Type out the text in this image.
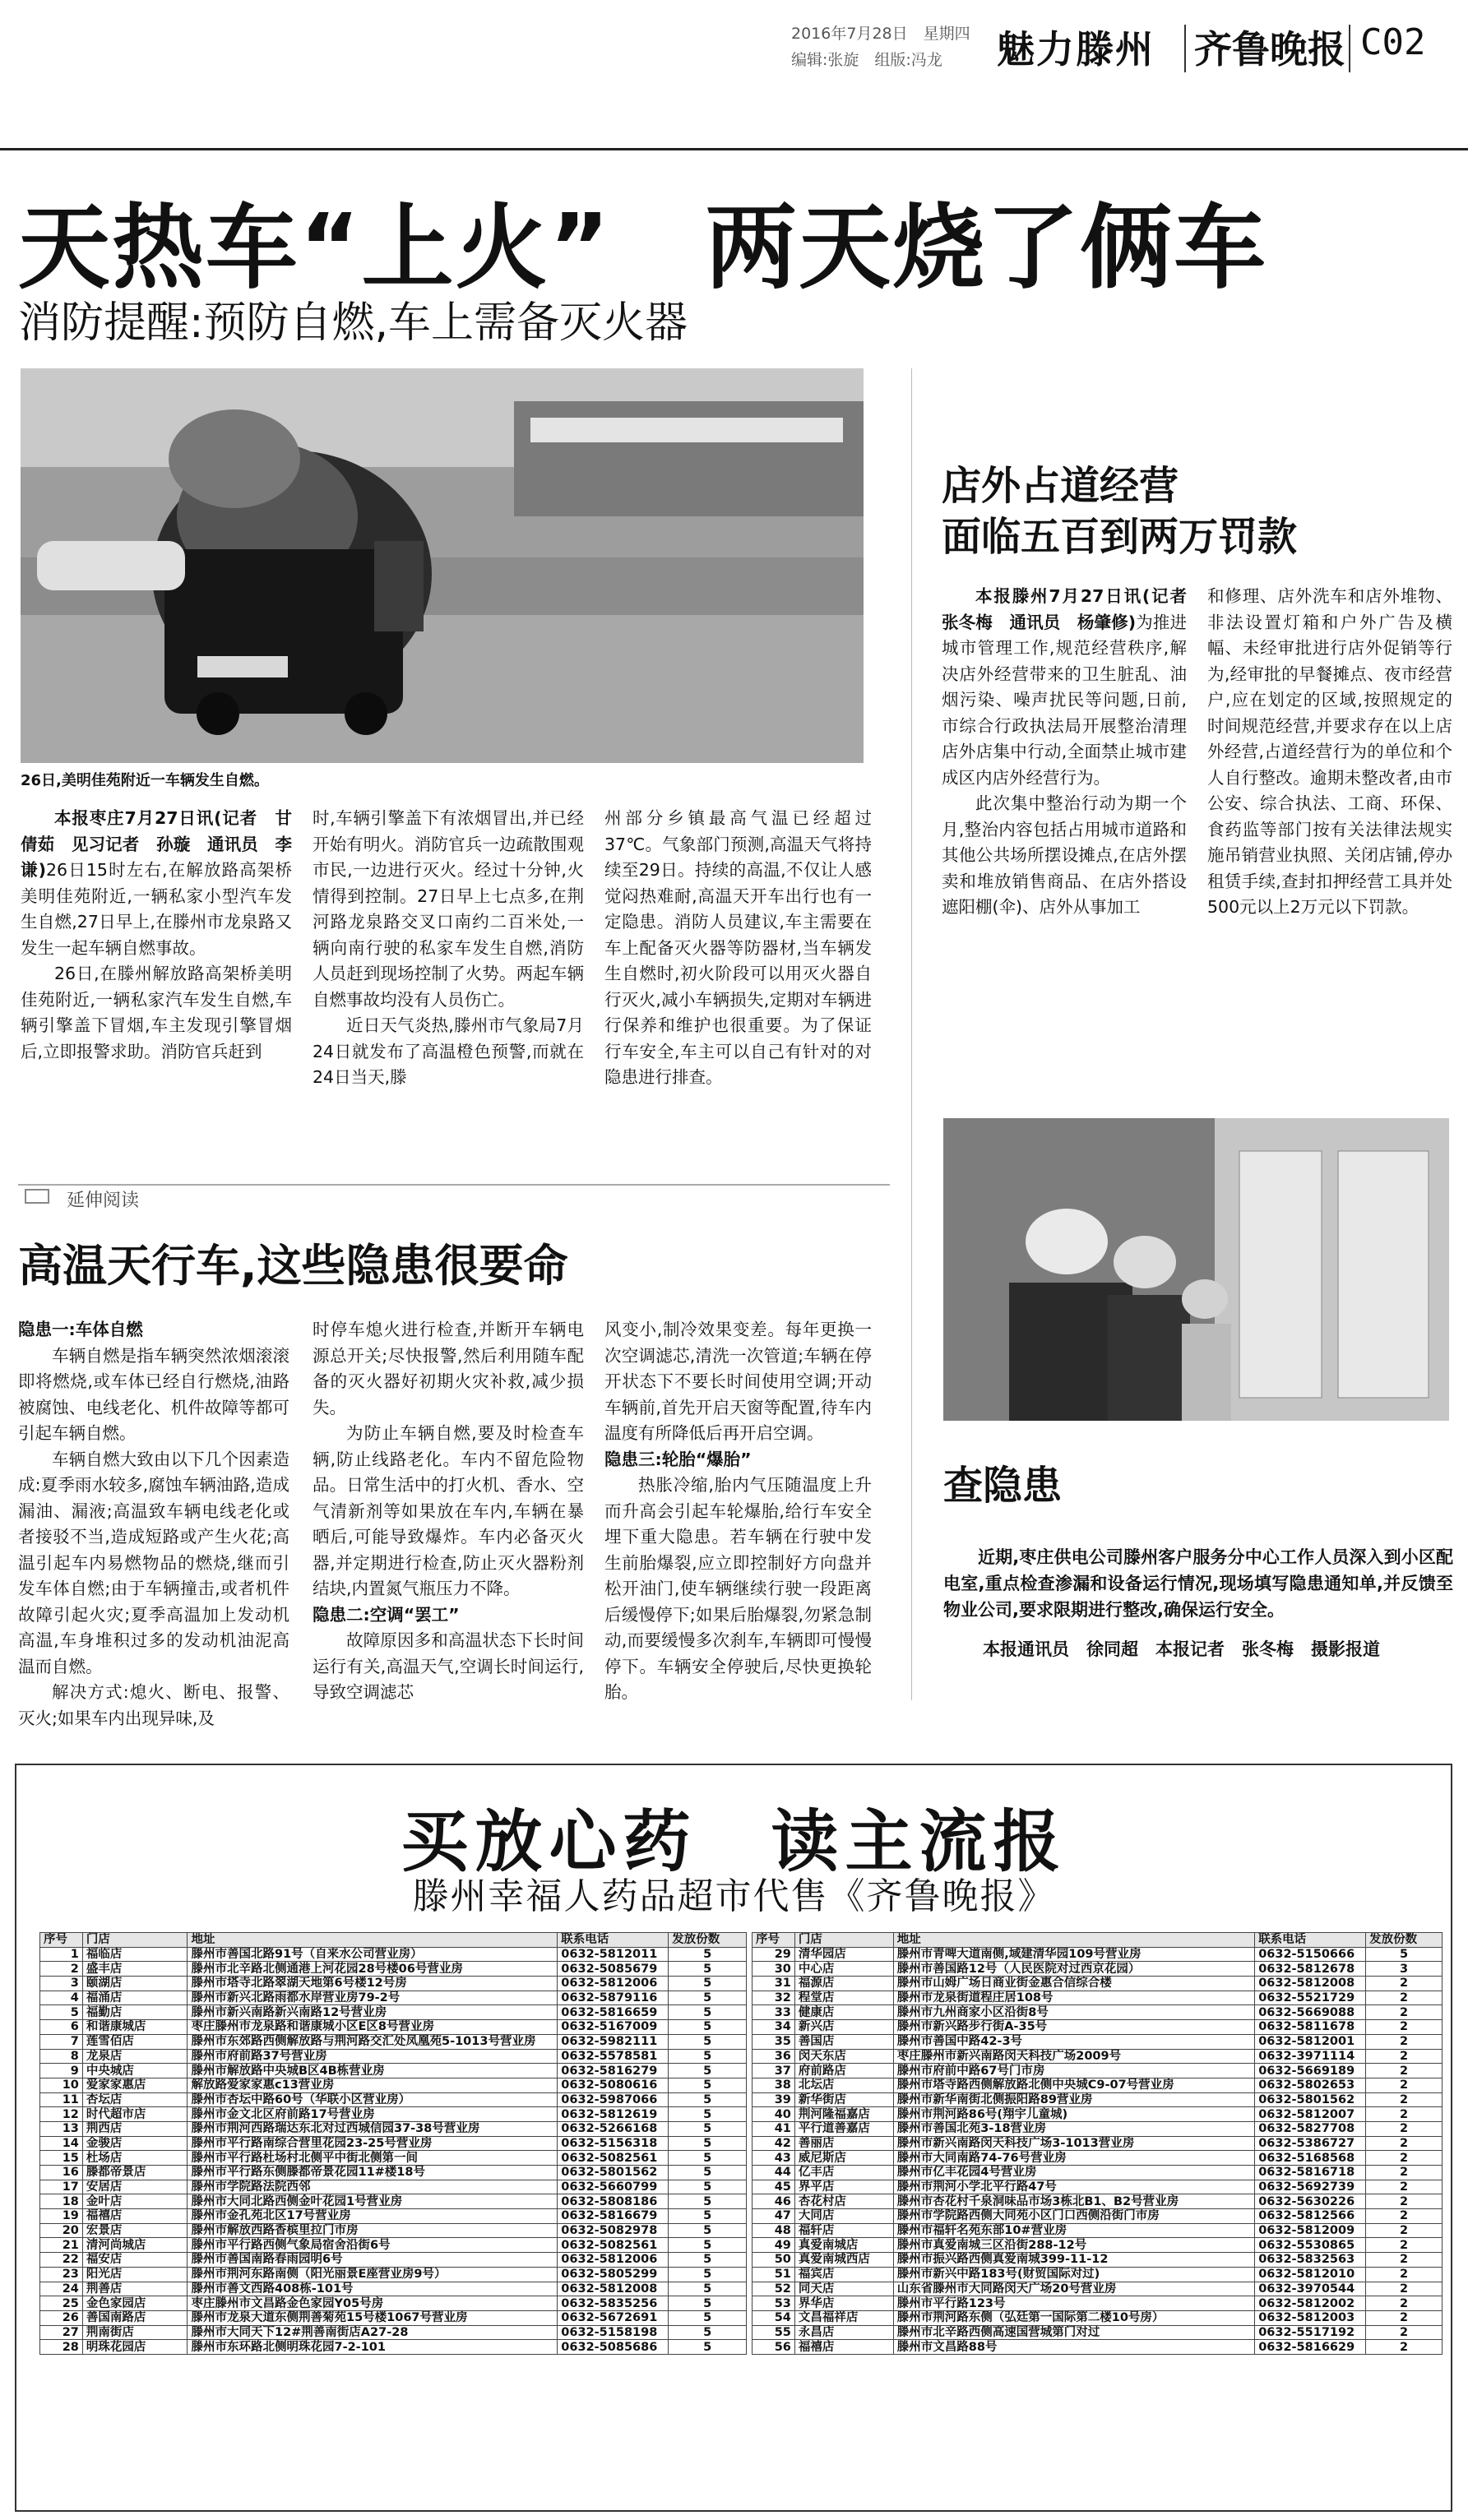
2016年7月28日　星期四
编辑:张旋　组版:冯龙 魅力滕州 齐鲁晚报 C02
天热车“上火”　两天烧了俩车
消防提醒:预防自燃,车上需备灭火器
26日,美明佳苑附近一车辆发生自燃。

本报枣庄7月27日讯(记者　甘倩茹　见习记者　孙璇　通讯员　李谦)26日15时左右,在解放路高架桥美明佳苑附近,一辆私家小型汽车发生自燃,27日早上,在滕州市龙泉路又发生一起车辆自燃事故。

26日,在滕州解放路高架桥美明佳苑附近,一辆私家汽车发生自燃,车辆引擎盖下冒烟,车主发现引擎冒烟后,立即报警求助。消防官兵赶到

时,车辆引擎盖下有浓烟冒出,并已经开始有明火。消防官兵一边疏散围观市民,一边进行灭火。经过十分钟,火情得到控制。27日早上七点多,在荆河路龙泉路交叉口南约二百米处,一辆向南行驶的私家车发生自燃,消防人员赶到现场控制了火势。两起车辆自燃事故均没有人员伤亡。

近日天气炎热,滕州市气象局7月24日就发布了高温橙色预警,而就在24日当天,滕

州部分乡镇最高气温已经超过37℃。气象部门预测,高温天气将持续至29日。持续的高温,不仅让人感觉闷热难耐,高温天开车出行也有一定隐患。消防人员建议,车主需要在车上配备灭火器等防器材,当车辆发生自燃时,初火阶段可以用灭火器自行灭火,减小车辆损失,定期对车辆进行保养和维护也很重要。为了保证行车安全,车主可以自己有针对的对隐患进行排查。

店外占道经营
面临五百到两万罚款

本报滕州7月27日讯(记者　张冬梅　通讯员　杨肇修)为推进城市管理工作,规范经营秩序,解决店外经营带来的卫生脏乱、油烟污染、噪声扰民等问题,日前,市综合行政执法局开展整治清理店外店集中行动,全面禁止城市建成区内店外经营行为。

此次集中整治行动为期一个月,整治内容包括占用城市道路和其他公共场所摆设摊点,在店外摆卖和堆放销售商品、在店外搭设遮阳棚(伞)、店外从事加工

和修理、店外洗车和店外堆物、非法设置灯箱和户外广告及横幅、未经审批进行店外促销等行为,经审批的早餐摊点、夜市经营户,应在划定的区域,按照规定的时间规范经营,并要求存在以上店外经营,占道经营行为的单位和个人自行整改。逾期未整改者,由市公安、综合执法、工商、环保、食药监等部门按有关法律法规实施吊销营业执照、关闭店铺,停办租赁手续,查封扣押经营工具并处500元以上2万元以下罚款。

查隐患

近期,枣庄供电公司滕州客户服务分中心工作人员深入到小区配电室,重点检查渗漏和设备运行情况,现场填写隐患通知单,并反馈至物业公司,要求限期进行整改,确保运行安全。

本报通讯员　徐同超　本报记者　张冬梅　摄影报道
延伸阅读
高温天行车,这些隐患很要命

隐患一:车体自燃

车辆自燃是指车辆突然浓烟滚滚即将燃烧,或车体已经自行燃烧,油路被腐蚀、电线老化、机件故障等都可引起车辆自燃。

车辆自燃大致由以下几个因素造成:夏季雨水较多,腐蚀车辆油路,造成漏油、漏液;高温致车辆电线老化或者接驳不当,造成短路或产生火花;高温引起车内易燃物品的燃烧,继而引发车体自燃;由于车辆撞击,或者机件故障引起火灾;夏季高温加上发动机高温,车身堆积过多的发动机油泥高温而自燃。

解决方式:熄火、断电、报警、灭火;如果车内出现异味,及

时停车熄火进行检查,并断开车辆电源总开关;尽快报警,然后利用随车配备的灭火器好初期火灾补救,减少损失。

为防止车辆自燃,要及时检查车辆,防止线路老化。车内不留危险物品。日常生活中的打火机、香水、空气清新剂等如果放在车内,车辆在暴晒后,可能导致爆炸。车内必备灭火器,并定期进行检查,防止灭火器粉剂结块,内置氮气瓶压力不降。

隐患二:空调“罢工”

故障原因多和高温状态下长时间运行有关,高温天气,空调长时间运行,导致空调滤芯

风变小,制冷效果变差。每年更换一次空调滤芯,清洗一次管道;车辆在停开状态下不要长时间使用空调;开动车辆前,首先开启天窗等配置,待车内温度有所降低后再开启空调。

隐患三:轮胎“爆胎”

热胀冷缩,胎内气压随温度上升而升高会引起车轮爆胎,给行车安全埋下重大隐患。若车辆在行驶中发生前胎爆裂,应立即控制好方向盘并松开油门,使车辆继续行驶一段距离后缓慢停下;如果后胎爆裂,勿紧急制动,而要缓慢多次刹车,车辆即可慢慢停下。车辆安全停驶后,尽快更换轮胎。

买放心药　读主流报
滕州幸福人药品超市代售《齐鲁晚报》
序号	门店	地址	联系电话	发放份数
1	福临店	滕州市善国北路91号（自来水公司营业房）	0632-5812011	5
2	盛丰店	滕州市北辛路北侧通港上河花园28号楼06号营业房	0632-5085679	5
3	颐湖店	滕州市塔寺北路翠湖天地第6号楼12号房	0632-5812006	5
4	福涌店	滕州市新兴北路雨都水岸营业房79-2号	0632-5879116	5
5	福勤店	滕州市新兴南路新兴南路12号营业房	0632-5816659	5
6	和谐康城店	枣庄滕州市龙泉路和谐康城小区E区8号营业房	0632-5167009	5
7	莲雪佰店	滕州市东郊路西侧解放路与荆河路交汇处凤凰苑5-1013号营业房	0632-5982111	5
8	龙泉店	滕州市府前路37号营业房	0632-5578581	5
9	中央城店	滕州市解放路中央城B区4B栋营业房	0632-5816279	5
10	爱家家惠店	解放路爱家家惠c13营业房	0632-5080616	5
11	杏坛店	滕州市杏坛中路60号（华联小区营业房）	0632-5987066	5
12	时代超市店	滕州市金文北区府前路17号营业房	0632-5812619	5
13	荆西店	滕州市荆河西路瑞达东北对过西城信园37-38号营业房	0632-5266168	5
14	金骏店	滕州市平行路南综合营里花园23-25号营业房	0632-5156318	5
15	杜场店	滕州市平行路杜场村北侧平中街北侧第一间	0632-5082561	5
16	滕都帝景店	滕州市平行路东侧滕都帝景花园11#楼18号	0632-5801562	5
17	安居店	滕州市学院路法院西邻	0632-5660799	5
18	金叶店	滕州市大同北路西侧金叶花园1号营业房	0632-5808186	5
19	福禧店	滕州市金孔苑北区17号营业房	0632-5816679	5
20	宏景店	滕州市解放西路香槟里拉门市房	0632-5082978	5
21	清河尚城店	滕州市平行路西侧气象局宿舍沿街6号	0632-5082561	5
22	福安店	滕州市善国南路春雨园明6号	0632-5812006	5
23	阳光店	滕州市荆河东路南侧（阳光丽景E座营业房9号）	0632-5805299	5
24	荆善店	滕州市善文西路408栋-101号	0632-5812008	5
25	金色家园店	枣庄滕州市文昌路金色家园Y05号房	0632-5835256	5
26	善国南路店	滕州市龙泉大道东侧荆善菊苑15号楼1067号营业房	0632-5672691	5
27	荆南街店	滕州市大同天下12#荆善南街店A27-28	0632-5158198	5
28	明珠花园店	滕州市东环路北侧明珠花园7-2-101	0632-5085686	5
序号	门店	地址	联系电话	发放份数
29	清华园店	滕州市青啤大道南侧,域建清华园109号营业房	0632-5150666	5
30	中心店	滕州市善国路12号（人民医院对过西京花园）	0632-5812678	3
31	福源店	滕州市山姆广场日商业街金惠合信综合楼	0632-5812008	2
32	程堂店	滕州市龙泉街道程庄居108号	0632-5521729	2
33	健康店	滕州市九州商家小区沿街8号	0632-5669088	2
34	新兴店	滕州市新兴路步行街A-35号	0632-5811678	2
35	善国店	滕州市善国中路42-3号	0632-5812001	2
36	闵天东店	枣庄滕州市新兴南路闵天科技广场2009号	0632-3971114	2
37	府前路店	滕州市府前中路67号门市房	0632-5669189	2
38	北坛店	滕州市塔寺路西侧解放路北侧中央城C9-07号营业房	0632-5802653	2
39	新华街店	滕州市新华南街北侧振阳路89营业房	0632-5801562	2
40	荆河隆福嘉店	滕州市荆河路86号(翔宇儿童城)	0632-5812007	2
41	平行道善嘉店	滕州市善国北苑3-18营业房	0632-5827708	2
42	善丽店	滕州市新兴南路闵天科技广场3-1013营业房	0632-5386727	2
43	威尼斯店	滕州市大同南路74-76号营业房	0632-5168568	2
44	亿丰店	滕州市亿丰花园4号营业房	0632-5816718	2
45	界平店	滕州市荆河小学北平行路47号	0632-5692739	2
46	杏花村店	滕州市杏花村千泉洞味品市场3栋北B1、B2号营业房	0632-5630226	2
47	大同店	滕州市学院路西侧大同苑小区门口西侧沿街门市房	0632-5812566	2
48	福轩店	滕州市福轩名苑东部10#营业房	0632-5812009	2
49	真爱南城店	滕州市真爱南城三区沿街288-12号	0632-5530865	2
50	真爱南城西店	滕州市振兴路西侧真爱南城399-11-12	0632-5832563	2
51	福宾店	滕州市新兴中路183号(财贸国际对过)	0632-5812010	2
52	同天店	山东省滕州市大同路闵天广场20号营业房	0632-3970544	2
53	界华店	滕州市平行路123号	0632-5812002	2
54	文昌福祥店	滕州市荆河路东侧（弘廷第一国际第二楼10号房）	0632-5812003	2
55	永昌店	滕州市北辛路西侧高速国营城第门对过	0632-5517192	2
56	福禧店	滕州市文昌路88号	0632-5816629	2
